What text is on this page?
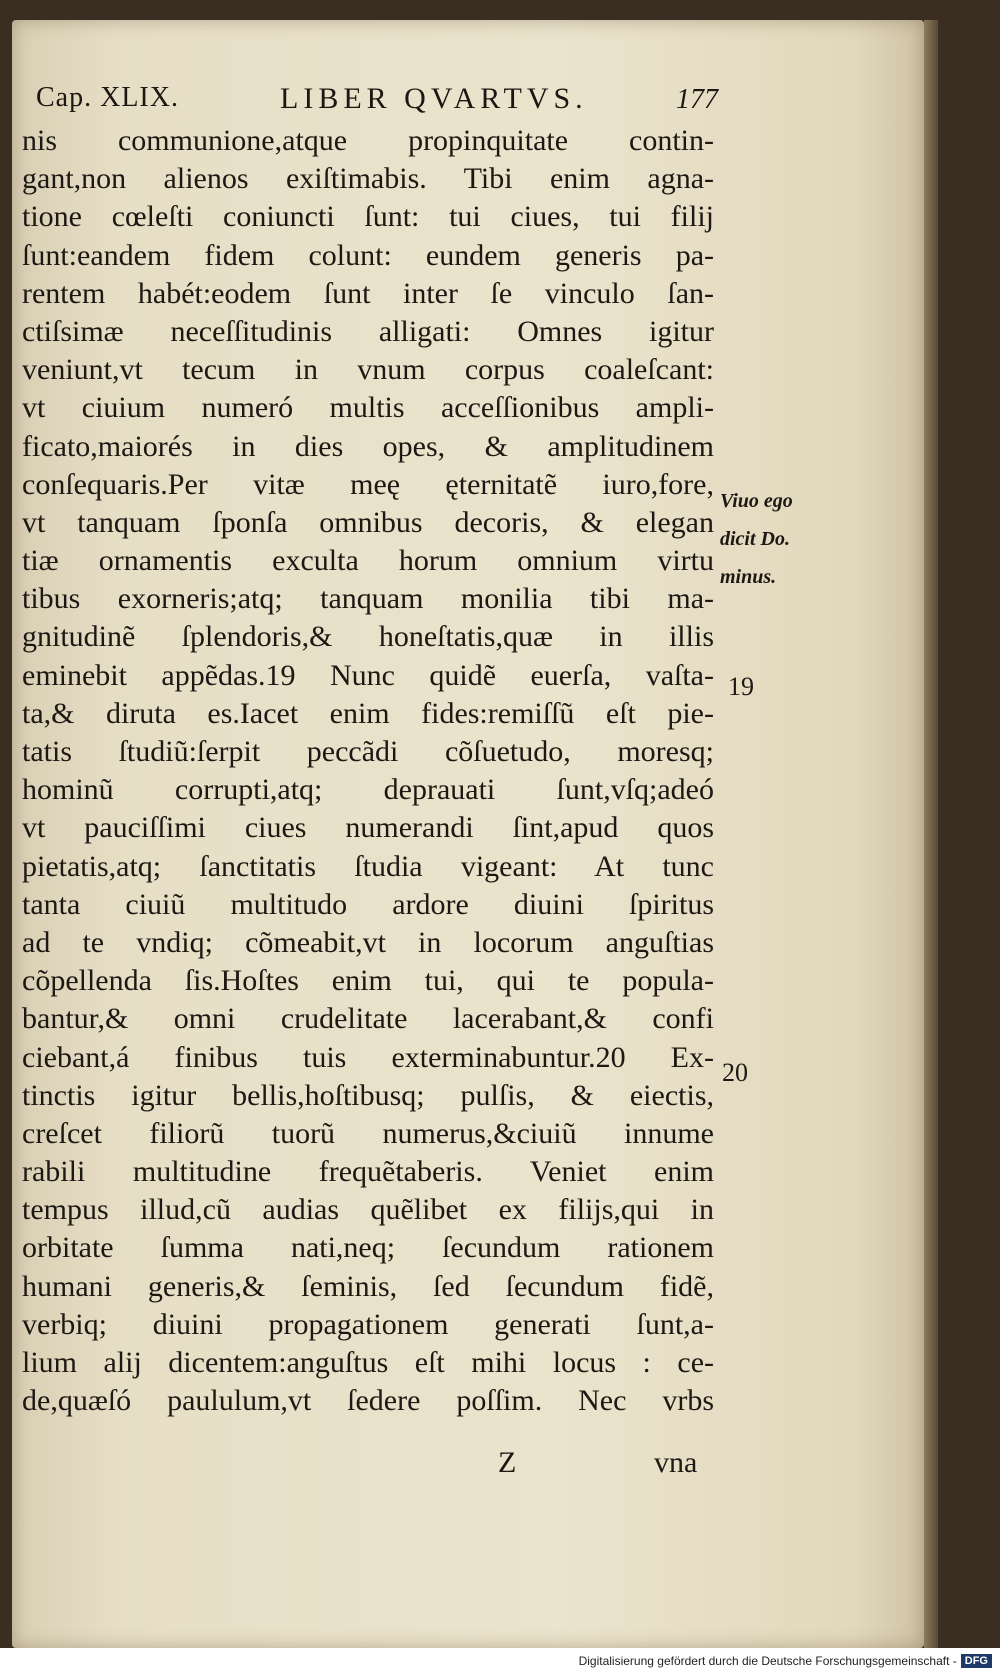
Cap. XLIX.	LIBER QVARTVS.	177
nis communione,atque propinquitate contin-
gant,non alienos exiſtimabis. Tibi enim agna-
tione cœleſti coniuncti ſunt: tui ciues, tui filij
ſunt:eandem fidem colunt: eundem generis pa-
rentem habét:eodem ſunt inter ſe vinculo ſan-
ctiſsimæ neceſſitudinis alligati: Omnes igitur
veniunt,vt tecum in vnum corpus coaleſcant:
vt ciuium numeró multis acceſſionibus ampli-
ficato,maiorés in dies opes, & amplitudinem
conſequaris.Per vitæ meę ęternitatẽ iuro,fore,
vt tanquam ſponſa omnibus decoris, & elegan
tiæ ornamentis exculta horum omnium virtu
tibus exorneris;atq; tanquam monilia tibi ma-
gnitudinẽ ſplendoris,& honeſtatis,quæ in illis
eminebit appẽdas.19 Nunc quidẽ euerſa, vaſta-
ta,& diruta es.Iacet enim fides:remiſſũ eſt pie-
tatis ſtudiũ:ſerpit peccãdi cõſuetudo, moresq;
hominũ corrupti,atq; deprauati ſunt,vſq;adeó
vt pauciſſimi ciues numerandi ſint,apud quos
pietatis,atq; ſanctitatis ſtudia vigeant: At tunc
tanta ciuiũ multitudo ardore diuini ſpiritus
ad te vndiq; cõmeabit,vt in locorum anguſtias
cõpellenda ſis.Hoſtes enim tui, qui te popula-
bantur,& omni crudelitate lacerabant,& confi
ciebant,á finibus tuis exterminabuntur.20 Ex-
tinctis igitur bellis,hoſtibusq; pulſis, & eiectis,
creſcet filiorũ tuorũ numerus,&ciuiũ innume
rabili multitudine frequẽtaberis. Veniet enim
tempus illud,cũ audias quẽlibet ex filijs,qui in
orbitate ſumma nati,neq; ſecundum rationem
humani generis,& ſeminis, ſed ſecundum fidẽ,
verbiq; diuini propagationem generati ſunt,a-
lium alij dicentem:anguſtus eſt mihi locus : ce-
de,quæſó paululum,vt ſedere poſſim. Nec vrbs
Viuo ego
dicit Do.
minus.
19
20
Z	vna
Digitalisierung gefördert durch die Deutsche Forschungsgemeinschaft - DFG
